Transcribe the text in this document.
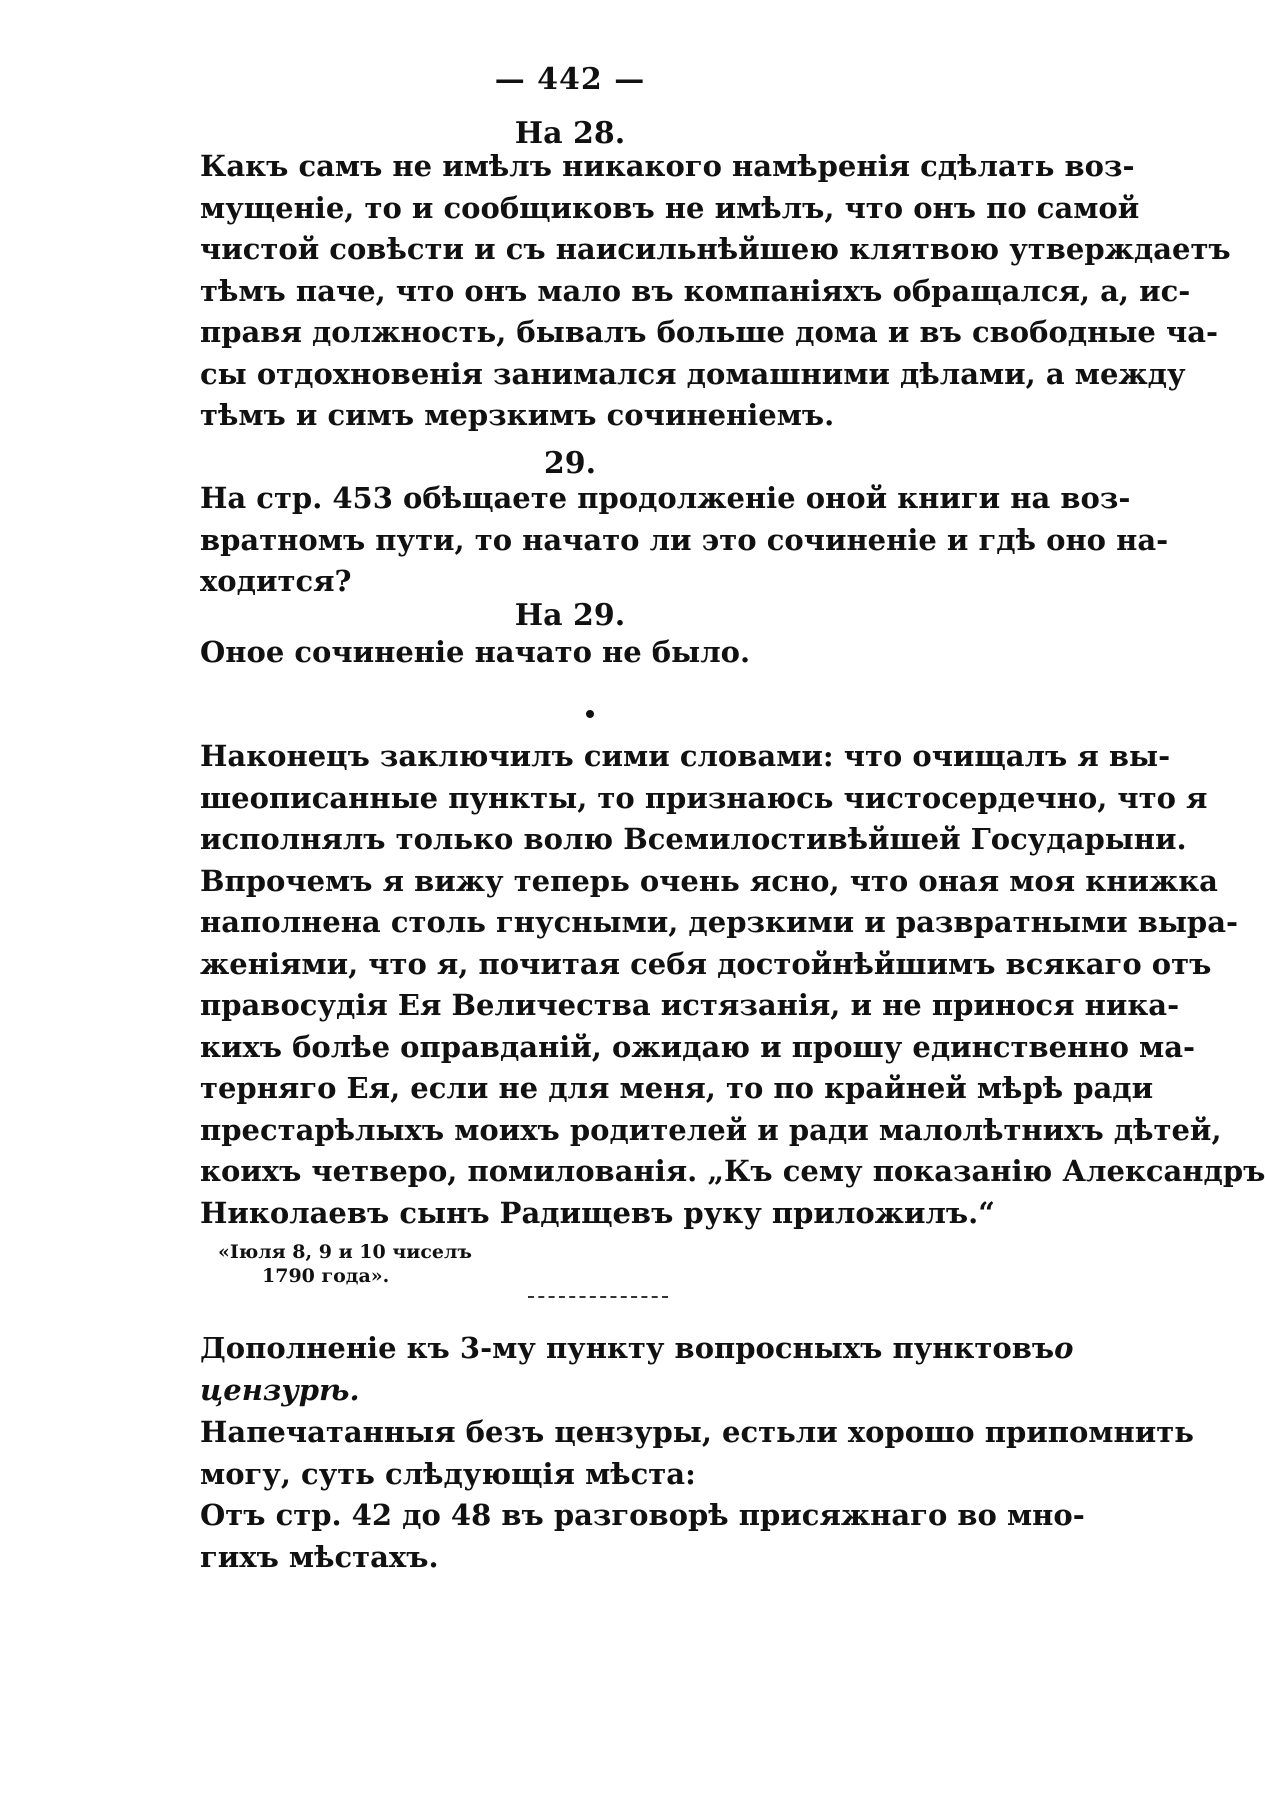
— 442 —
На 28.
Какъ самъ не имѣлъ никакого намѣренія сдѣлать воз-
мущеніе, то и сообщиковъ не имѣлъ, что онъ по самой
чистой совѣсти и съ наисильнѣйшею клятвою утверждаетъ
тѣмъ паче, что онъ мало въ компаніяхъ обращался, а, ис-
правя должность, бывалъ больше дома и въ свободные ча-
сы отдохновенія занимался домашними дѣлами, а между
тѣмъ и симъ мерзкимъ сочиненіемъ.
29.
На стр. 453 обѣщаете продолженіе оной книги на воз-
вратномъ пути, то начато ли это сочиненіе и гдѣ оно на-
ходится?
На 29.
Оное сочиненіе начато не было.
Наконецъ заключилъ сими словами: что очищалъ я вы-
шеописанные пункты, то признаюсь чистосердечно, что я
исполнялъ только волю Всемилостивѣйшей Государыни.
Впрочемъ я вижу теперь очень ясно, что оная моя книжка
наполнена столь гнусными, дерзкими и развратными выра-
женіями, что я, почитая себя достойнѣйшимъ всякаго отъ
правосудія Ея Величества истязанія, и не принося ника-
кихъ болѣе оправданій, ожидаю и прошу единственно ма-
терняго Ея, если не для меня, то по крайней мѣрѣ ради
престарѣлыхъ моихъ родителей и ради малолѣтнихъ дѣтей,
коихъ четверо, помилованія. „Къ сему показанію Александръ
Николаевъ сынъ Радищевъ руку приложилъ.“
«Іюля 8, 9 и 10 чиселъ
1790 года».
Дополненіе къ 3-му пункту вопросныхъ пунктовъ о
цензурѣ.
Напечатанныя безъ цензуры, естьли хорошо припомнить
могу, суть слѣдующія мѣста:
Отъ стр. 42 до 48 въ разговорѣ присяжнаго во мно-
гихъ мѣстахъ.
